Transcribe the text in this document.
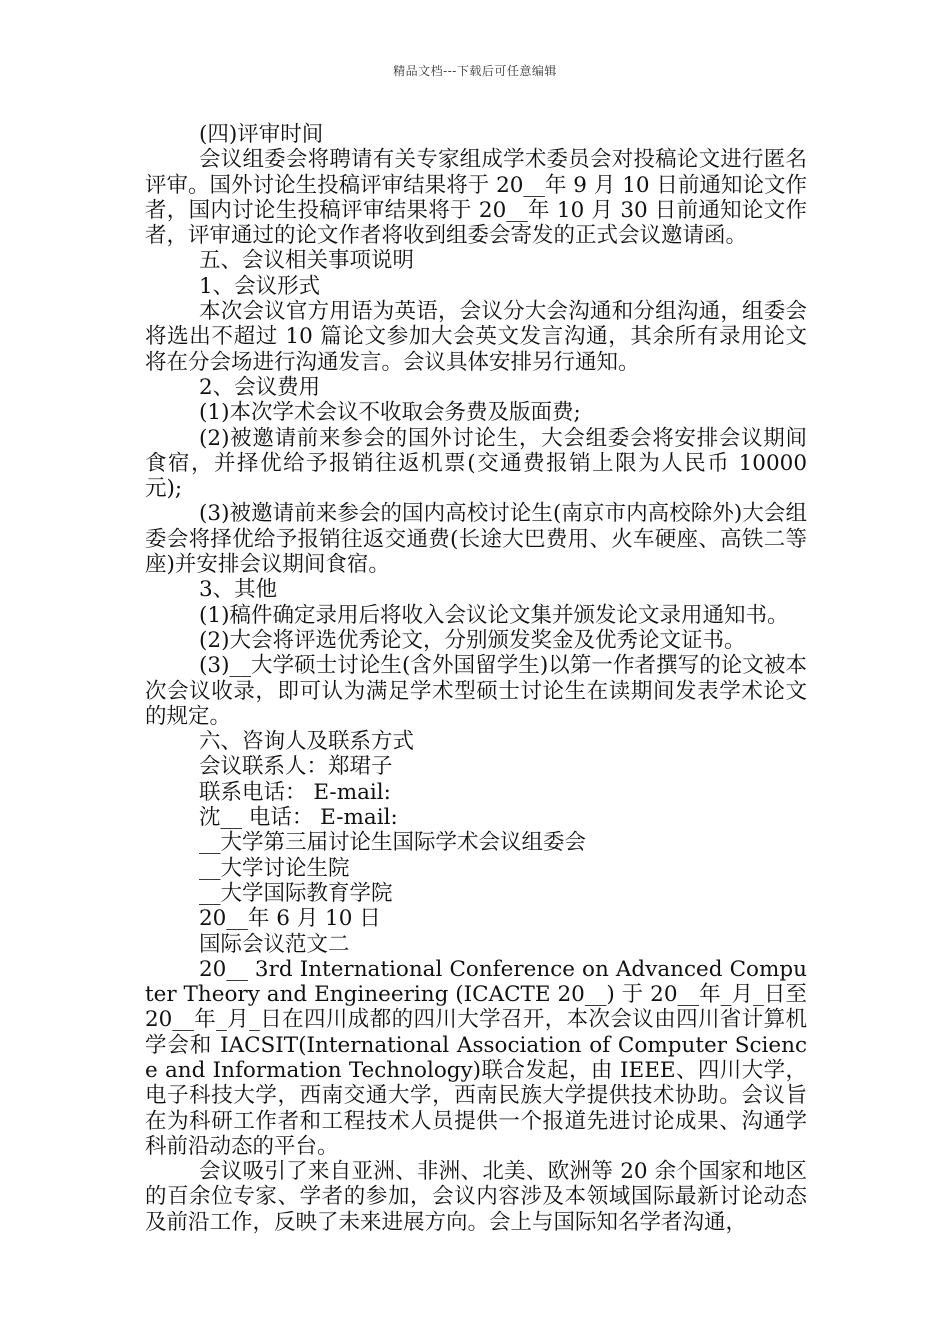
精品文档---下载后可任意编辑

(四)评审时间

会议组委会将聘请有关专家组成学术委员会对投稿论文进行匿名评审。国外讨论生投稿评审结果将于 20__年 9 月 10 日前通知论文作者，国内讨论生投稿评审结果将于 20__年 10 月 30 日前通知论文作者，评审通过的论文作者将收到组委会寄发的正式会议邀请函。

五、会议相关事项说明

1、会议形式

本次会议官方用语为英语，会议分大会沟通和分组沟通，组委会将选出不超过 10 篇论文参加大会英文发言沟通，其余所有录用论文将在分会场进行沟通发言。会议具体安排另行通知。

2、会议费用

(1)本次学术会议不收取会务费及版面费;

(2)被邀请前来参会的国外讨论生，大会组委会将安排会议期间食宿，并择优给予报销往返机票(交通费报销上限为人民币 10000 元);

(3)被邀请前来参会的国内高校讨论生(南京市内高校除外)大会组委会将择优给予报销往返交通费(长途大巴费用、火车硬座、高铁二等座)并安排会议期间食宿。

3、其他

(1)稿件确定录用后将收入会议论文集并颁发论文录用通知书。

(2)大会将评选优秀论文，分别颁发奖金及优秀论文证书。

(3)__大学硕士讨论生(含外国留学生)以第一作者撰写的论文被本次会议收录，即可认为满足学术型硕士讨论生在读期间发表学术论文的规定。

六、咨询人及联系方式

会议联系人：郑珺子

联系电话： E-mail:

沈__ 电话： E-mail:

__大学第三届讨论生国际学术会议组委会

__大学讨论生院

__大学国际教育学院

20__年 6 月 10 日

国际会议范文二

20__ 3rd International Conference on Advanced Computer Theory and Engineering (ICACTE 20__) 于 20__年_月_日至 20__年_月_日在四川成都的四川大学召开，本次会议由四川省计算机学会和 IACSIT(International Association of Computer Science and Information Technology)联合发起，由 IEEE、四川大学，电子科技大学，西南交通大学，西南民族大学提供技术协助。会议旨在为科研工作者和工程技术人员提供一个报道先进讨论成果、沟通学科前沿动态的平台。

会议吸引了来自亚洲、非洲、北美、欧洲等 20 余个国家和地区的百余位专家、学者的参加，会议内容涉及本领域国际最新讨论动态及前沿工作，反映了未来进展方向。会上与国际知名学者沟通，
